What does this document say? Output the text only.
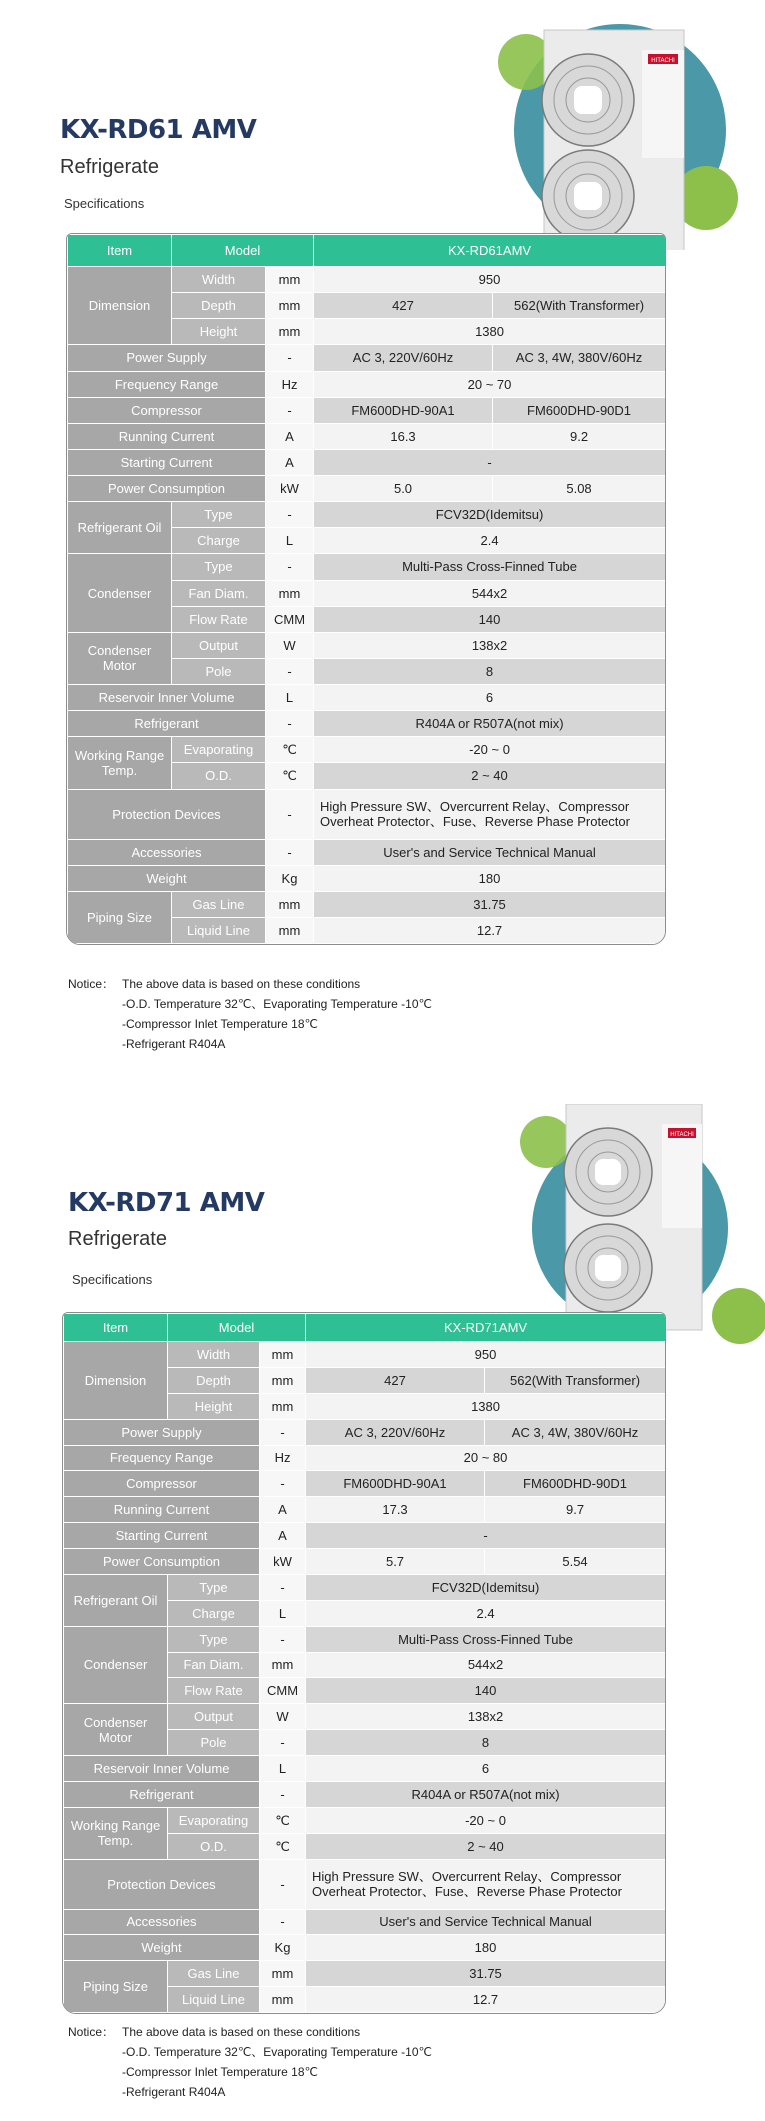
KX-RD61 AMV
Refrigerate

Specifications

HITACHI
Item	Model		KX-RD61AMV	
Dimension	Width	mm	950	
	Depth	mm	427	562(With Transformer)
	Height	mm	1380	
Power Supply		-	AC 3, 220V/60Hz	AC 3, 4W, 380V/60Hz
Frequency Range		Hz	20 ~ 70	
Compressor		-	FM600DHD-90A1	FM600DHD-90D1
Running Current		A	16.3	9.2
Starting Current		A	-	
Power Consumption		kW	5.0	5.08
Refrigerant Oil	Type	-	FCV32D(Idemitsu)	
	Charge	L	2.4	
Condenser	Type	-	Multi-Pass Cross-Finned Tube	
	Fan Diam.	mm	544x2	
	Flow Rate	CMM	140	
Condenser Motor	Output	W	138x2	
	Pole	-	8	
Reservoir Inner Volume		L	6	
Refrigerant		-	R404A or R507A(not mix)	
Working Range Temp.	Evaporating	℃	-20 ~ 0	
	O.D.	℃	2 ~ 40	
Protection Devices		-	High Pressure SW、Overcurrent Relay、Compressor
Overheat Protector、Fuse、Reverse Phase Protector	

Accessories		-	User's and Service Technical Manual	
Weight		Kg	180	
Piping Size	Gas Line	mm	31.75	
	Liquid Line	mm	12.7	
Notice： The above data is based on these conditions
-O.D. Temperature 32℃、Evaporating Temperature -10℃
-Compressor Inlet Temperature 18℃
-Refrigerant R404A
KX-RD71 AMV
Refrigerate

Specifications

HITACHI
Item	Model		KX-RD71AMV	
Dimension	Width	mm	950	
	Depth	mm	427	562(With Transformer)
	Height	mm	1380	
Power Supply		-	AC 3, 220V/60Hz	AC 3, 4W, 380V/60Hz
Frequency Range		Hz	20 ~ 80	
Compressor		-	FM600DHD-90A1	FM600DHD-90D1
Running Current		A	17.3	9.7
Starting Current		A	-	
Power Consumption		kW	5.7	5.54
Refrigerant Oil	Type	-	FCV32D(Idemitsu)	
	Charge	L	2.4	
Condenser	Type	-	Multi-Pass Cross-Finned Tube	
	Fan Diam.	mm	544x2	
	Flow Rate	CMM	140	
Condenser Motor	Output	W	138x2	
	Pole	-	8	
Reservoir Inner Volume		L	6	
Refrigerant		-	R404A or R507A(not mix)	
Working Range Temp.	Evaporating	℃	-20 ~ 0	
	O.D.	℃	2 ~ 40	
Protection Devices		-	High Pressure SW、Overcurrent Relay、Compressor
Overheat Protector、Fuse、Reverse Phase Protector	

Accessories		-	User's and Service Technical Manual	
Weight		Kg	180	
Piping Size	Gas Line	mm	31.75	
	Liquid Line	mm	12.7	
Notice： The above data is based on these conditions
-O.D. Temperature 32℃、Evaporating Temperature -10℃
-Compressor Inlet Temperature 18℃
-Refrigerant R404A
